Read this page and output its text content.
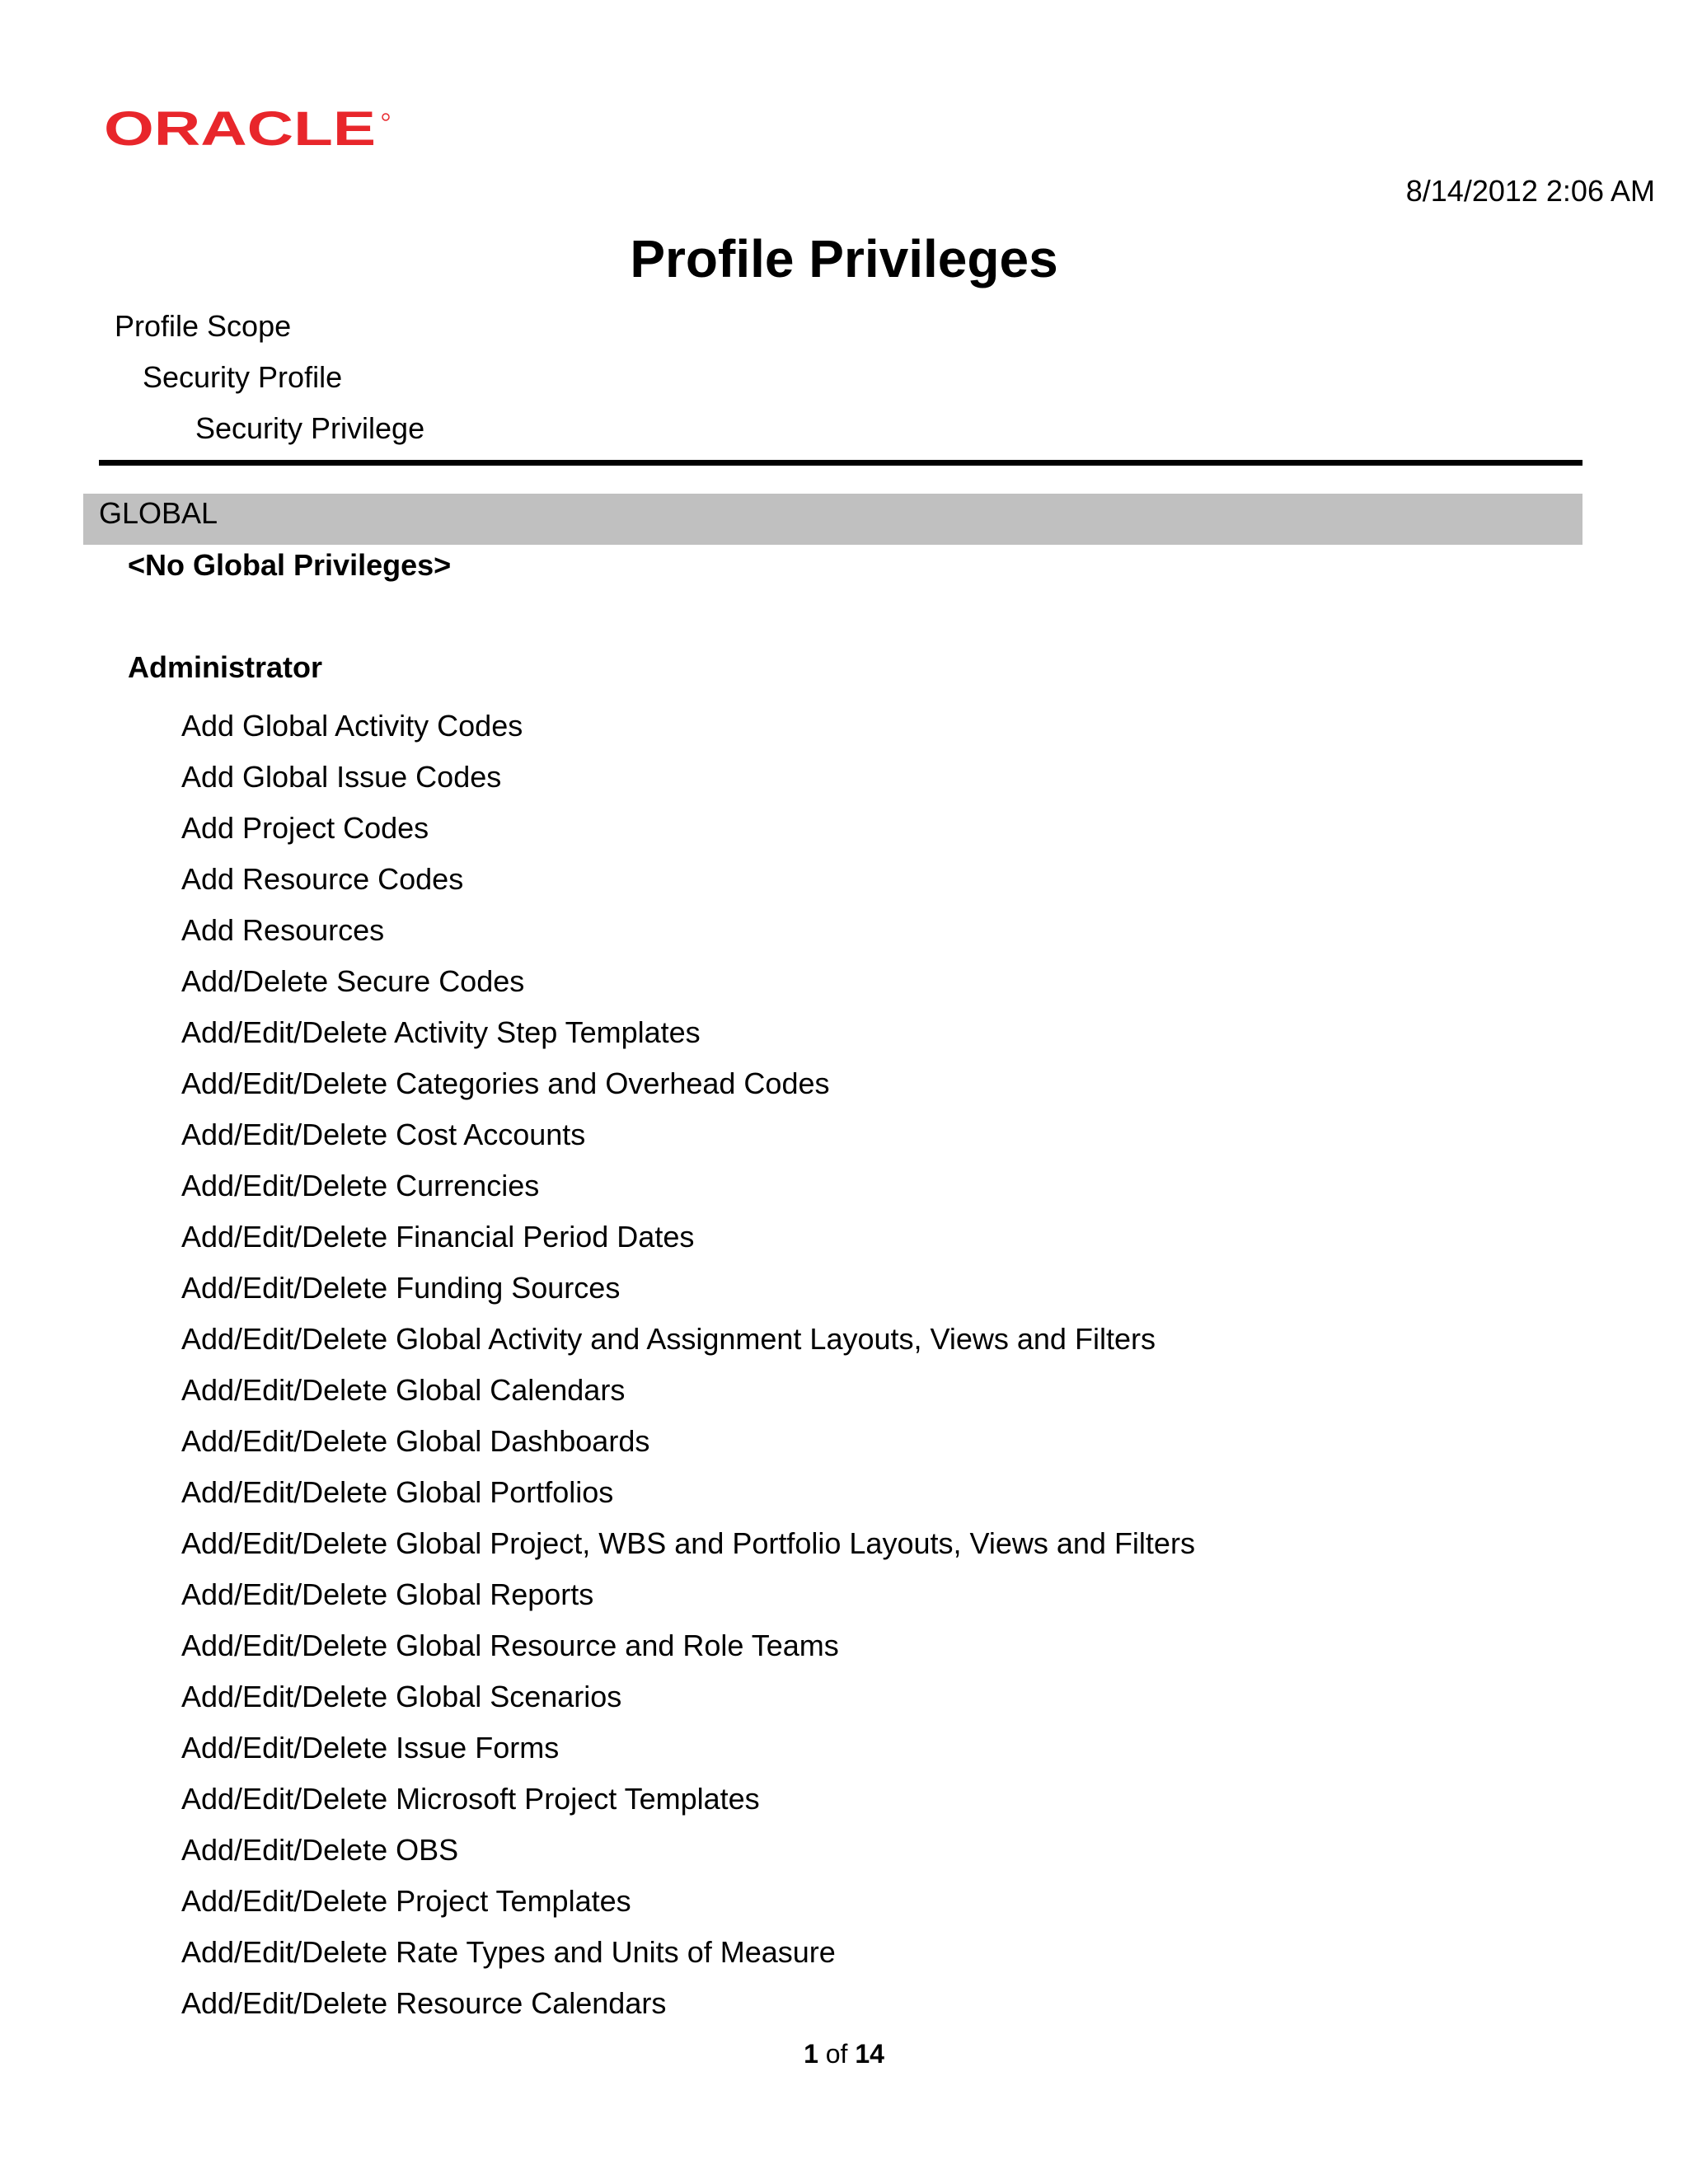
ORACLE
8/14/2012 2:06 AM
Profile Privileges
Profile Scope
Security Profile
Security Privilege
GLOBAL
<No Global Privileges>
Administrator
Add Global Activity Codes
Add Global Issue Codes
Add Project Codes
Add Resource Codes
Add Resources
Add/Delete Secure Codes
Add/Edit/Delete Activity Step Templates
Add/Edit/Delete Categories and Overhead Codes
Add/Edit/Delete Cost Accounts
Add/Edit/Delete Currencies
Add/Edit/Delete Financial Period Dates
Add/Edit/Delete Funding Sources
Add/Edit/Delete Global Activity and Assignment Layouts, Views and Filters
Add/Edit/Delete Global Calendars
Add/Edit/Delete Global Dashboards
Add/Edit/Delete Global Portfolios
Add/Edit/Delete Global Project, WBS and Portfolio Layouts, Views and Filters
Add/Edit/Delete Global Reports
Add/Edit/Delete Global Resource and Role Teams
Add/Edit/Delete Global Scenarios
Add/Edit/Delete Issue Forms
Add/Edit/Delete Microsoft Project Templates
Add/Edit/Delete OBS
Add/Edit/Delete Project Templates
Add/Edit/Delete Rate Types and Units of Measure
Add/Edit/Delete Resource Calendars
1 of 14
